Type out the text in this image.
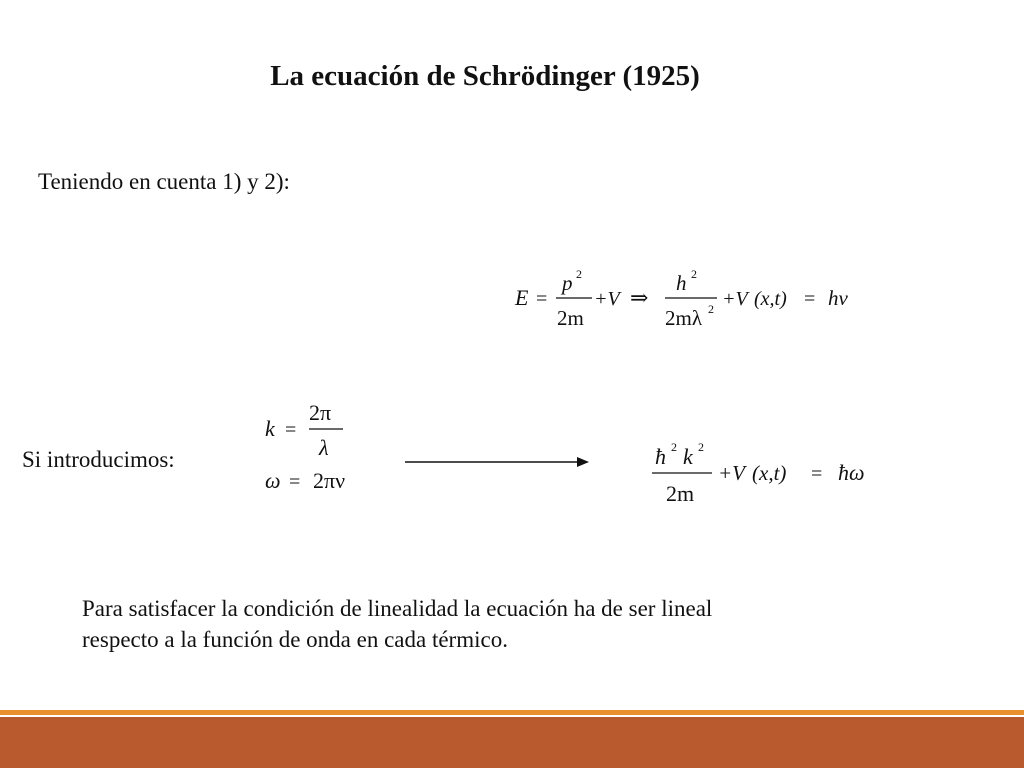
La ecuación de Schrödinger (1925)
Teniendo en cuenta 1) y 2):
E =
p 2
2m
+V ⇒
h 2
2mλ 2 +V (x,t) = hν
Si introducimos:
k =
2π
λ
ω = 2πν
ħ 2 k 2
2m
+V (x,t) = ħω
Para satisfacer la condición de linealidad la ecuación ha de ser lineal
respecto a la función de onda en cada térmico.
